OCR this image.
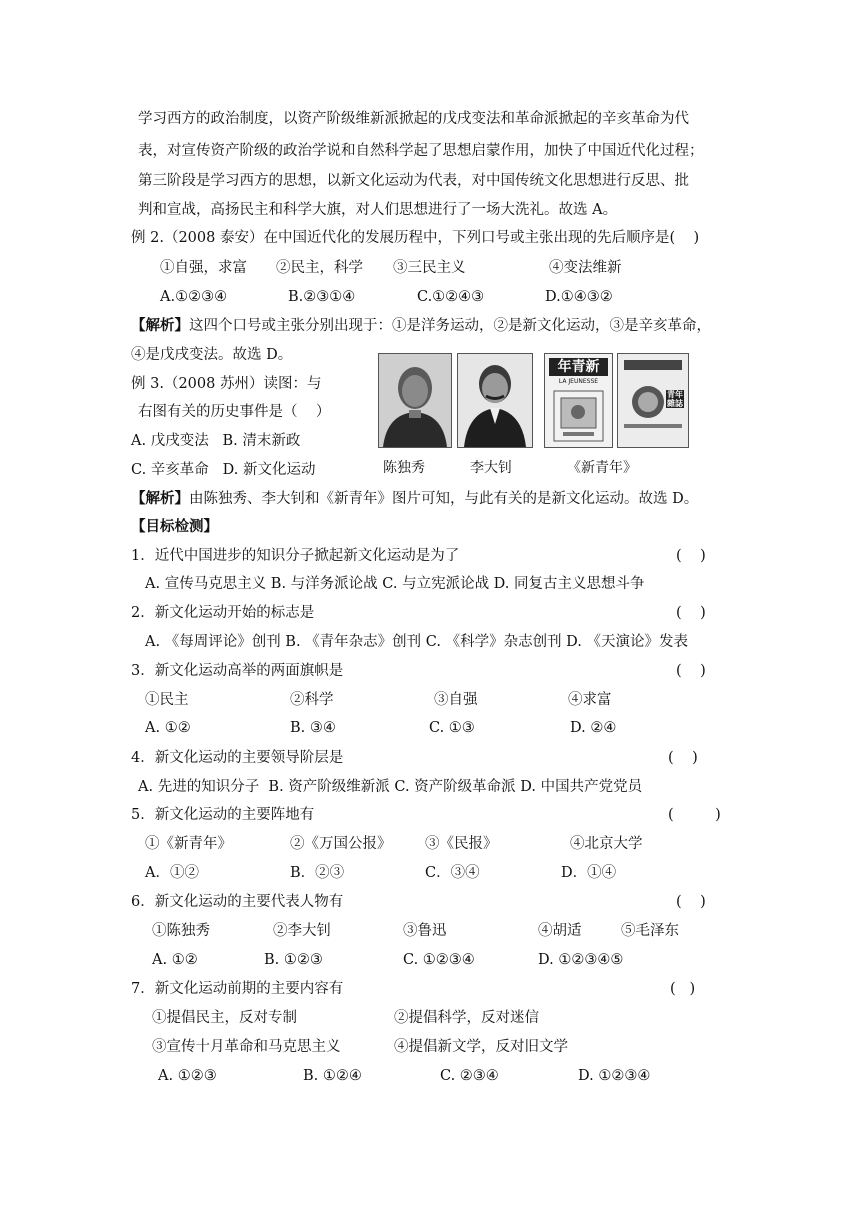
学习西方的政治制度，以资产阶级维新派掀起的戊戌变法和革命派掀起的辛亥革命为代
表，对宣传资产阶级的政治学说和自然科学起了思想启蒙作用，加快了中国近代化过程；
第三阶段是学习西方的思想，以新文化运动为代表，对中国传统文化思想进行反思、批
判和宣战，高扬民主和科学大旗，对人们思想进行了一场大洗礼。故选 A。
例 2.（2008 泰安）在中国近代化的发展历程中，下列口号或主张出现的先后顺序是(    )
①自强，求富 ②民主，科学 ③三民主义	④变法维新
A.①②③④	B.②③①④	C.①②④③	D.①④③②
【解析】这四个口号或主张分别出现于：①是洋务运动，②是新文化运动，③是辛亥革命，
④是戊戌变法。故选 D。
例 3.（2008 苏州）读图：与
右图有关的历史事件是（    ）
A. 戊戌变法   B. 清末新政
C. 辛亥革命   D. 新文化运动
年青新
LA JEUNESSE
青年雜誌
陈独秀	李大钊	《新青年》
【解析】由陈独秀、李大钊和《新青年》图片可知，与此有关的是新文化运动。故选 D。
【目标检测】
1．近代中国进步的知识分子掀起新文化运动是为了	(    )
A. 宣传马克思主义 B. 与洋务派论战 C. 与立宪派论战 D. 同复古主义思想斗争
2．新文化运动开始的标志是	(    )
A. 《每周评论》创刊 B. 《青年杂志》创刊 C. 《科学》杂志创刊 D. 《天演论》发表
3．新文化运动高举的两面旗帜是	(    )
①民主	②科学	③自强	④求富
A. ①②	B. ③④	C. ①③	D. ②④
4．新文化运动的主要领导阶层是	(    )
A. 先进的知识分子  B. 资产阶级维新派 C. 资产阶级革命派 D. 中国共产党党员
5．新文化运动的主要阵地有	(         )
①《新青年》	②《万国公报》 ③《民报》	④北京大学
A．①②	B．②③	C．③④	D．①④
6．新文化运动的主要代表人物有	(    )
①陈独秀	②李大钊	③鲁迅	④胡适	⑤毛泽东
A. ①②	B. ①②③	C. ①②③④	D. ①②③④⑤
7．新文化运动前期的主要内容有	(   )
①提倡民主，反对专制	②提倡科学，反对迷信
③宣传十月革命和马克思主义	④提倡新文学，反对旧文学
A. ①②③	B. ①②④	C. ②③④	D. ①②③④
